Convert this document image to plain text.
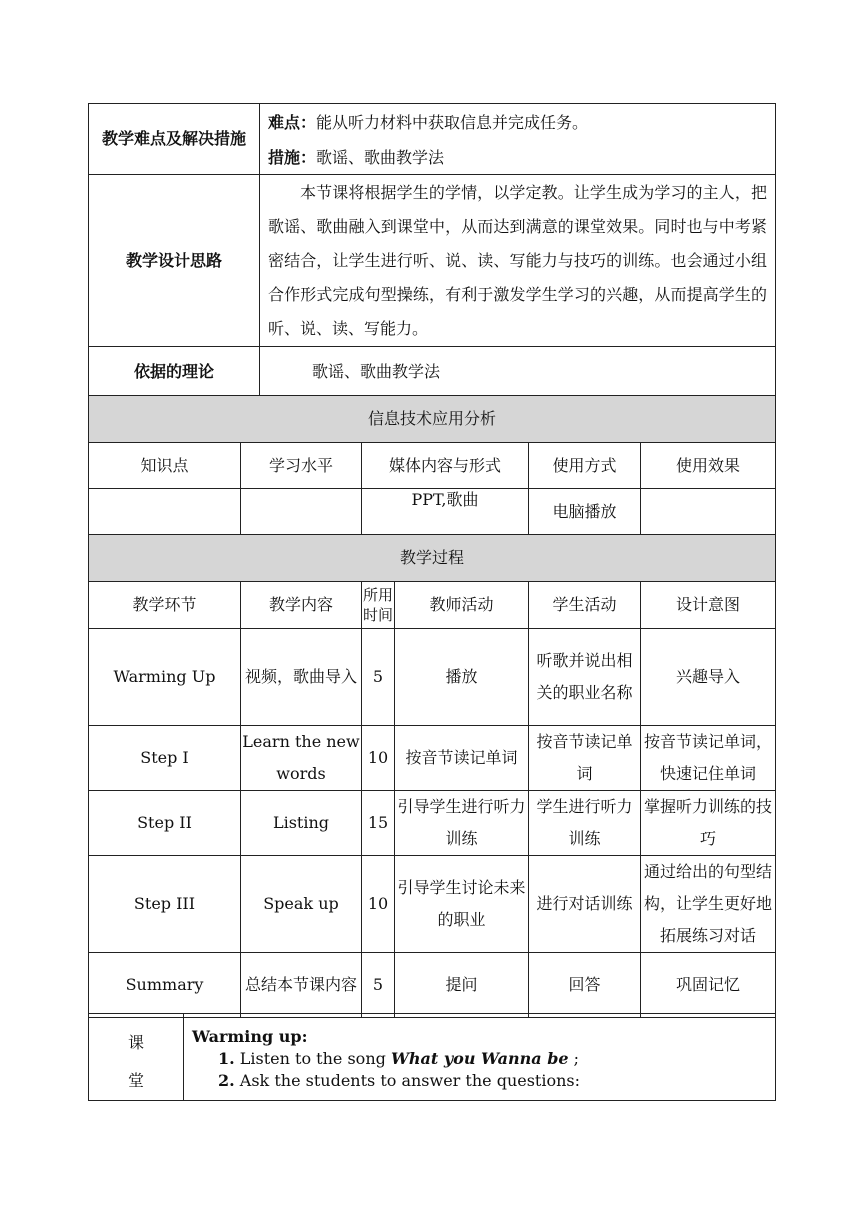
教学难点及解决措施	难点：能从听力材料中获取信息并完成任务。
措施：歌谣、歌曲教学法

教学设计思路	本节课将根据学生的学情，以学定教。让学生成为学习的主人，把歌谣、歌曲融入到课堂中，从而达到满意的课堂效果。同时也与中考紧密结合，让学生进行听、说、读、写能力与技巧的训练。也会通过小组合作形式完成句型操练，有利于激发学生学习的兴趣，从而提高学生的听、说、读、写能力。

依据的理论	歌谣、歌曲教学法
信息技术应用分析					
知识点	学习水平	媒体内容与形式		使用方式	使用效果
		PPT,歌曲		电脑播放	
教学过程					
教学环节	教学内容	所用时间	教师活动	学生活动	设计意图
Warming Up	视频，歌曲导入	5	播放	听歌并说出相关的职业名称	兴趣导入
Step I	Learn the new words	10	按音节读记单词	按音节读记单词	按音节读记单词，快速记住单词
Step II	Listing	15	引导学生进行听力训练	学生进行听力训练	掌握听力训练的技巧
Step III	Speak up	10	引导学生讨论未来的职业	进行对话训练	通过给出的句型结构，让学生更好地拓展练习对话
Summary	总结本节课内容	5	提问	回答	巩固记忆
课
堂

Warming up:
1. Listen to the song What you Wanna be ;
2. Ask the students to answer the questions:
